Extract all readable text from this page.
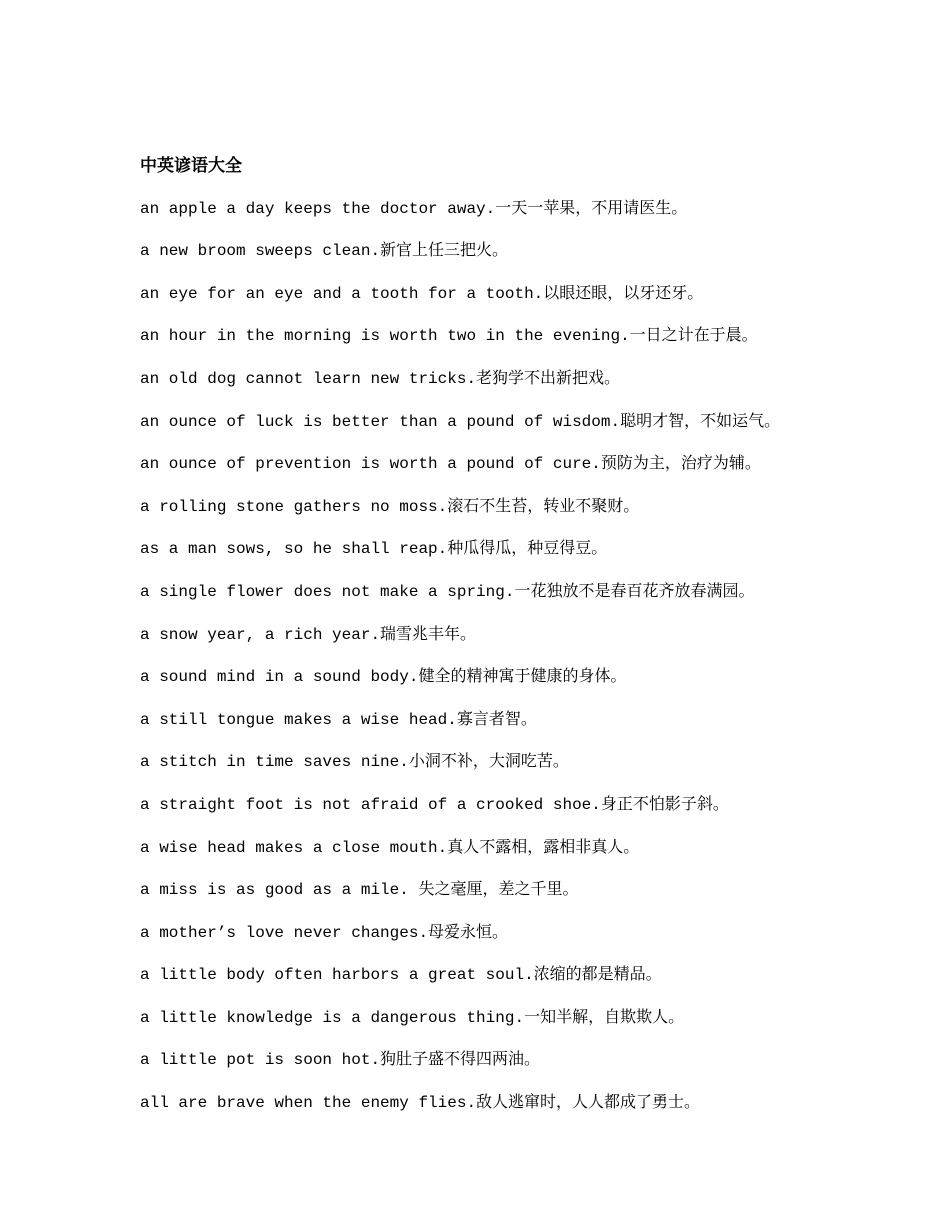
中英谚语大全
an apple a day keeps the doctor away.一天一苹果，不用请医生。
a new broom sweeps clean.新官上任三把火。
an eye for an eye and a tooth for a tooth.以眼还眼，以牙还牙。
an hour in the morning is worth two in the evening.一日之计在于晨。
an old dog cannot learn new tricks.老狗学不出新把戏。
an ounce of luck is better than a pound of wisdom.聪明才智，不如运气。
an ounce of prevention is worth a pound of cure.预防为主，治疗为辅。
a rolling stone gathers no moss.滚石不生苔，转业不聚财。
as a man sows, so he shall reap.种瓜得瓜，种豆得豆。
a single flower does not make a spring.一花独放不是春百花齐放春满园。
a snow year, a rich year.瑞雪兆丰年。
a sound mind in a sound body.健全的精神寓于健康的身体。
a still tongue makes a wise head.寡言者智。
a stitch in time saves nine.小洞不补，大洞吃苦。
a straight foot is not afraid of a crooked shoe.身正不怕影子斜。
a wise head makes a close mouth.真人不露相，露相非真人。
a miss is as good as a mile. 失之毫厘，差之千里。
a mother’s love never changes.母爱永恒。
a little body often harbors a great soul.浓缩的都是精品。
a little knowledge is a dangerous thing.一知半解，自欺欺人。
a little pot is soon hot.狗肚子盛不得四两油。
all are brave when the enemy flies.敌人逃窜时，人人都成了勇士。
